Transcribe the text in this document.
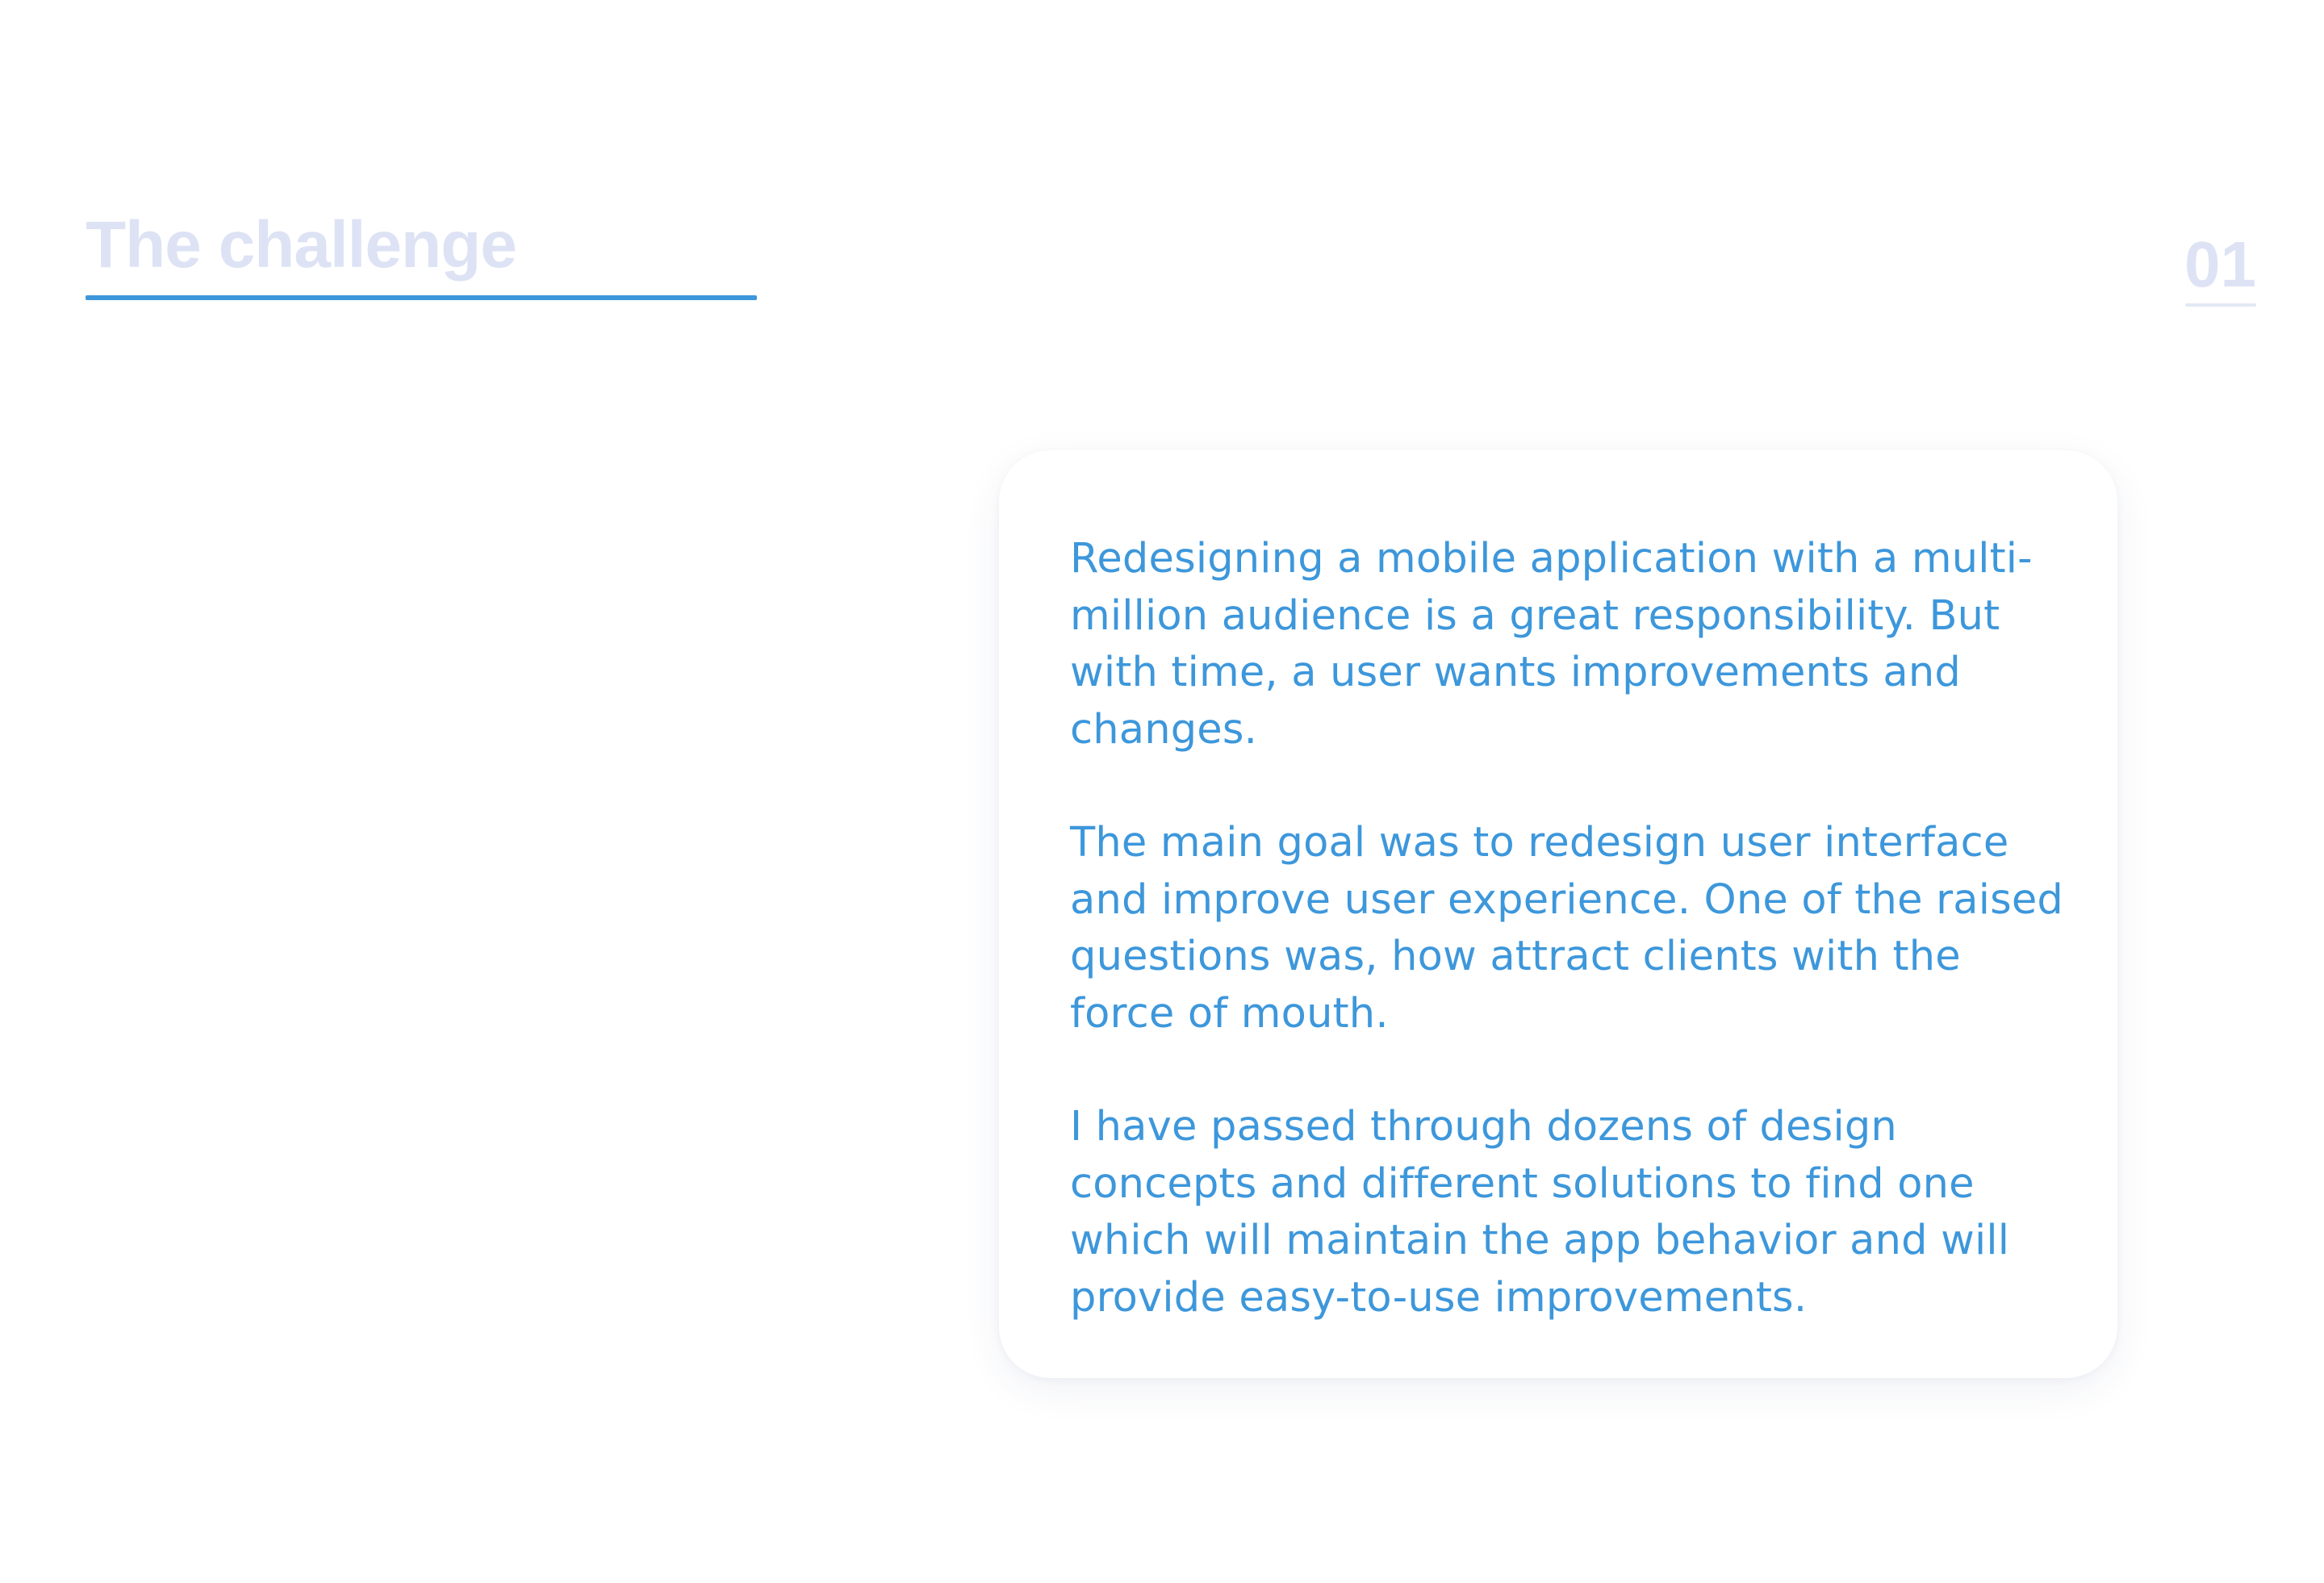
The challenge	01

Redesigning a mobile application with a multi-million audience is a great responsibility. But with time, a user wants improvements and changes.

The main goal was to redesign user interface and improve user experience. One of the raised questions was, how attract clients with the force of mouth.

I have passed through dozens of design concepts and different solutions to find one which will maintain the app behavior and will provide easy-to-use improvements.
